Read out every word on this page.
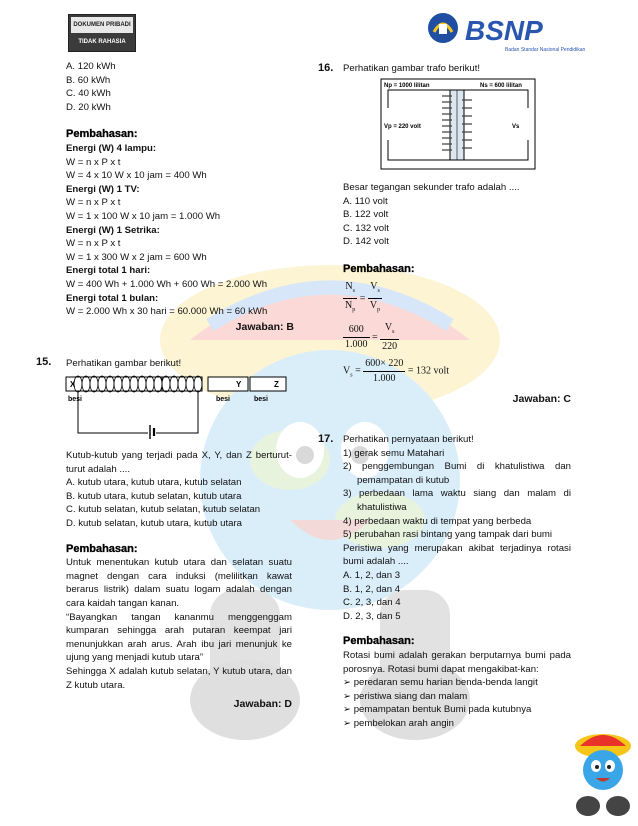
DOKUMEN PRIBADI
TIDAK RAHASIA	BSNP
Badan Standar Nasional Pendidikan

A. 120 kWh

B. 60 kWh

C. 40 kWh

D. 20 kWh

Pembahasan:

Energi (W) 4 lampu:

W = n x P x t

W = 4 x 10 W x 10 jam = 400 Wh

Energi (W) 1 TV:

W = n x P x t

W = 1 x 100 W x 10 jam = 1.000 Wh

Energi (W) 1 Setrika:

W = n x P x t

W = 1 x 300 W x 2 jam = 600 Wh

Energi total 1 hari:

W = 400 Wh + 1.000 Wh + 600 Wh = 2.000 Wh

Energi total 1 bulan:

W = 2.000 Wh x 30 hari = 60.000 Wh = 60 kWh

Jawaban: B

15. Perhatikan gambar berikut!

X	Y	Z
besi	besi	besi

Kutub-kutub yang terjadi pada X, Y, dan Z berturut-turut adalah ....

A. kutub utara, kutub utara, kutub selatan

B. kutub utara, kutub selatan, kutub utara

C. kutub selatan, kutub selatan, kutub selatan

D. kutub selatan, kutub utara, kutub utara

Pembahasan:

Untuk menentukan kutub utara dan selatan suatu magnet dengan cara induksi (melilitkan kawat berarus listrik) dalam suatu logam adalah dengan cara kaidah tangan kanan.

“Bayangkan tangan kananmu menggenggam kumparan sehingga arah putaran keempat jari menunjukkan arah arus. Arah ibu jari menunjuk ke ujung yang menjadi kutub utara”

Sehingga X adalah kutub selatan, Y kutub utara, dan Z kutub utara.

Jawaban: D

16. Perhatikan gambar trafo berikut!

Np = 1000 lilitan	Ns = 600 lilitan
Vp = 220 volt	Vs

Besar tegangan sekunder trafo adalah ....

A. 110 volt

B. 122 volt

C. 132 volt

D. 142 volt

Pembahasan:

$\frac{N_s}{N_p} = \frac{V_s}{V_p}$

$\frac{600}{1.000} = \frac{V_s}{220}$

$V_s = \frac{600\times 220}{1.000} = 132$ volt

Jawaban: C

17. Perhatikan pernyataan berikut!

1) gerak semu Matahari

2) penggembungan Bumi di khatulistiwa dan pemampatan di kutub

3) perbedaan lama waktu siang dan malam di khatulistiwa

4) perbedaan waktu di tempat yang berbeda

5) perubahan rasi bintang yang tampak dari bumi

Peristiwa yang merupakan akibat terjadinya rotasi bumi adalah ....

A. 1, 2, dan 3

B. 1, 2, dan 4

C. 2, 3, dan 4

D. 2, 3, dan 5

Pembahasan:

Rotasi bumi adalah gerakan berputarnya bumi pada porosnya. Rotasi bumi dapat mengakibat-kan:

➢ peredaran semu harian benda-benda langit

➢ peristiwa siang dan malam

➢ pemampatan bentuk Bumi pada kutubnya

➢ pembelokan arah angin
